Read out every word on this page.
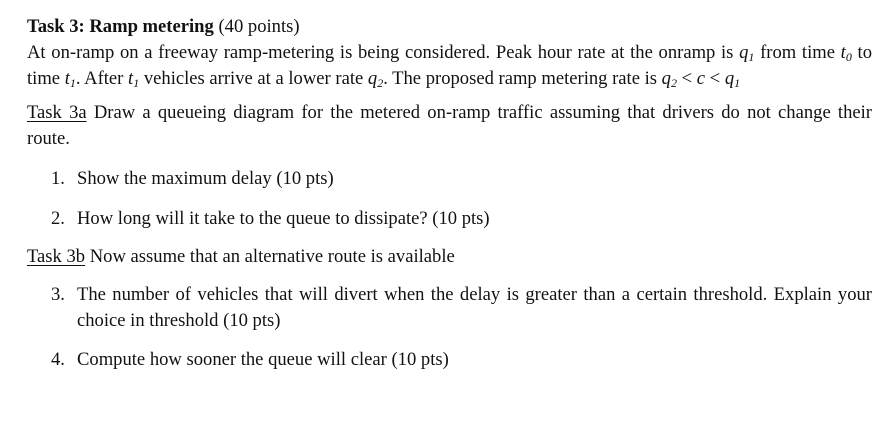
Task 3: Ramp metering (40 points)

At on-ramp on a freeway ramp-metering is being considered. Peak hour rate at the onramp is $q_1$ from time $t_0$ to time $t_1$. After $t_1$ vehicles arrive at a lower rate $q_2$. The proposed ramp metering rate is $q_2 < c < q_1$

Task 3a Draw a queueing diagram for the metered on-ramp traffic assuming that drivers do not change their route.

1. Show the maximum delay (10 pts)
2. How long will it take to the queue to dissipate? (10 pts)

Task 3b Now assume that an alternative route is available

3. The number of vehicles that will divert when the delay is greater than a certain threshold. Explain your choice in threshold (10 pts)
4. Compute how sooner the queue will clear (10 pts)
